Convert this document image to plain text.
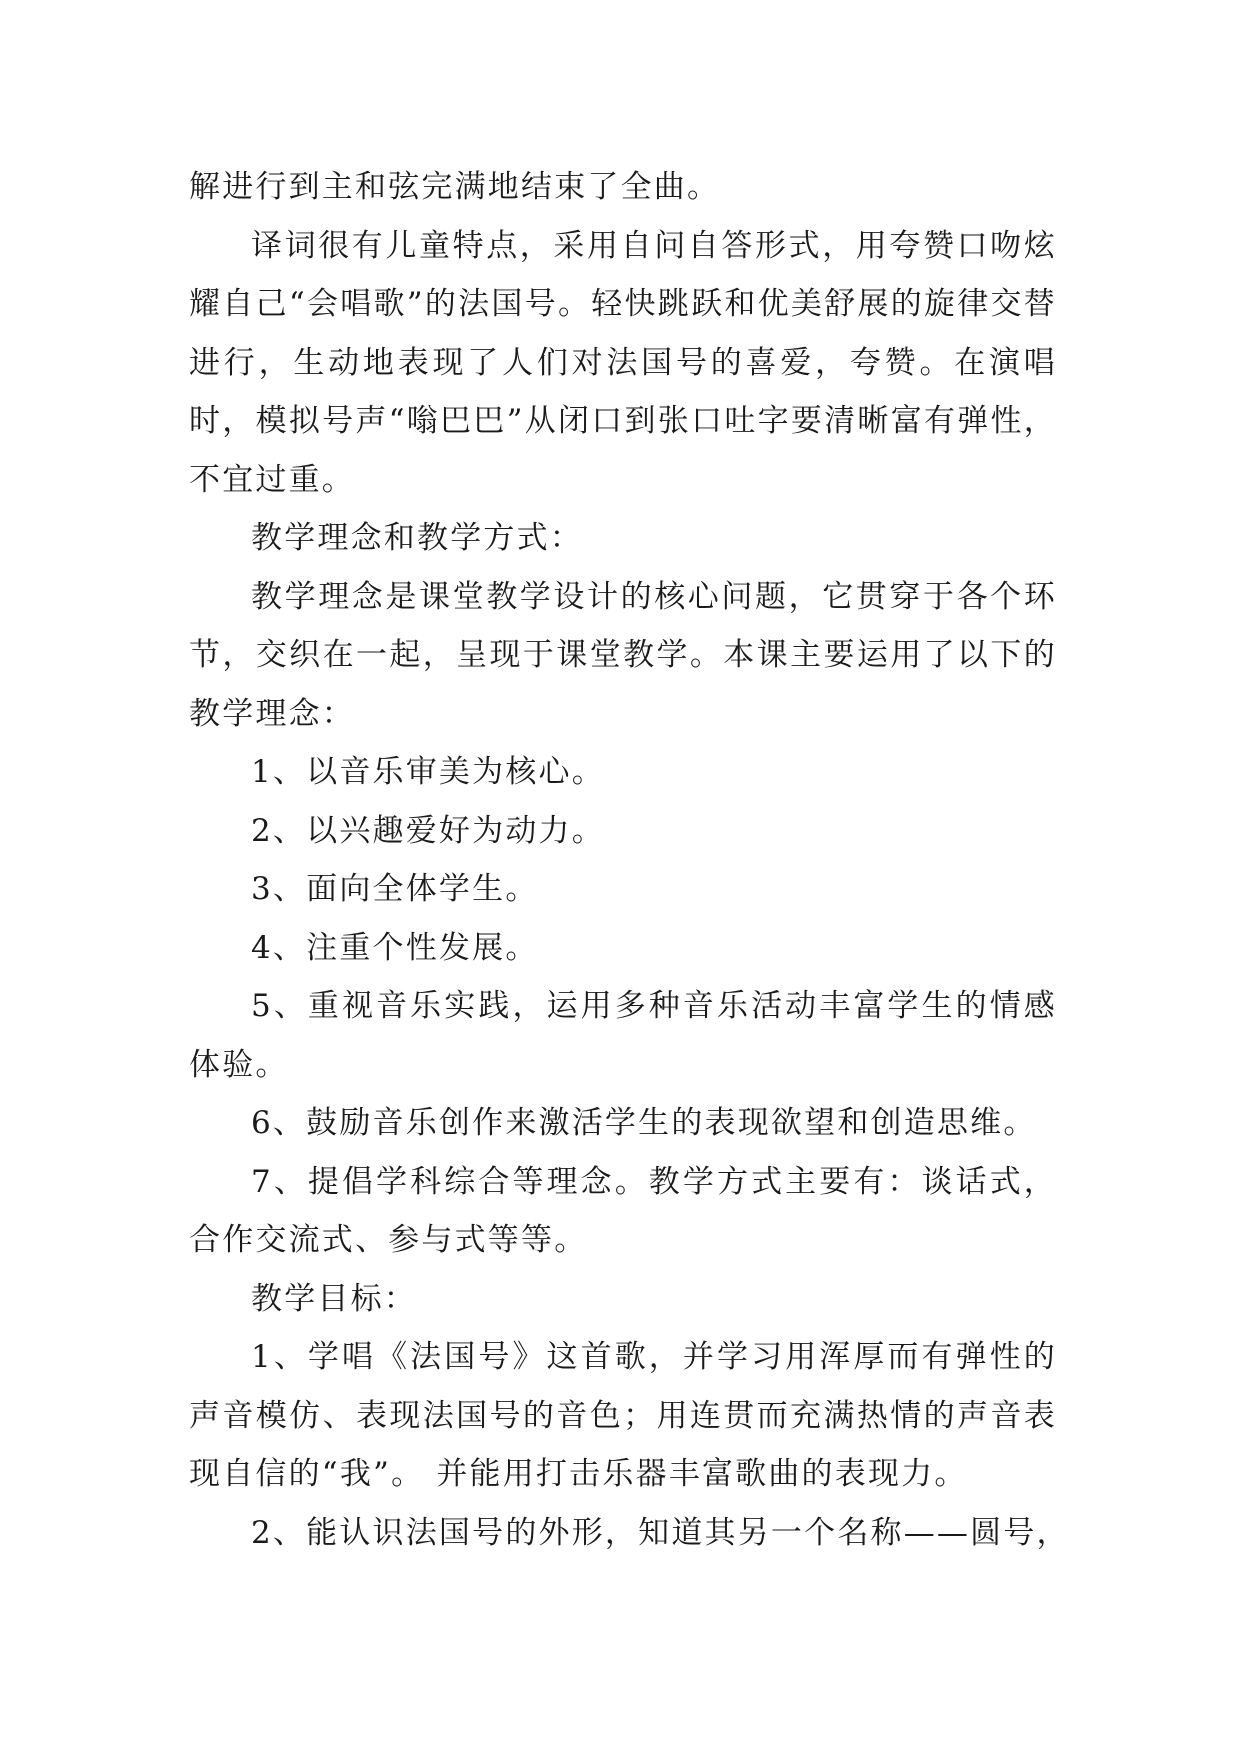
解进行到主和弦完满地结束了全曲。

译词很有儿童特点，采用自问自答形式，用夸赞口吻炫耀自己“会唱歌”的法国号。轻快跳跃和优美舒展的旋律交替进行，生动地表现了人们对法国号的喜爱，夸赞。在演唱时，模拟号声“嗡巴巴”从闭口到张口吐字要清晰富有弹性，不宜过重。

教学理念和教学方式：

教学理念是课堂教学设计的核心问题，它贯穿于各个环节，交织在一起，呈现于课堂教学。本课主要运用了以下的教学理念：

1、以音乐审美为核心。

2、以兴趣爱好为动力。

3、面向全体学生。

4、注重个性发展。

5、重视音乐实践，运用多种音乐活动丰富学生的情感体验。

6、鼓励音乐创作来激活学生的表现欲望和创造思维。

7、提倡学科综合等理念。教学方式主要有：谈话式，合作交流式、参与式等等。

教学目标：

1、学唱《法国号》这首歌，并学习用浑厚而有弹性的声音模仿、表现法国号的音色；用连贯而充满热情的声音表现自信的“我”。 并能用打击乐器丰富歌曲的表现力。

2、能认识法国号的外形，知道其另一个名称——圆号，
